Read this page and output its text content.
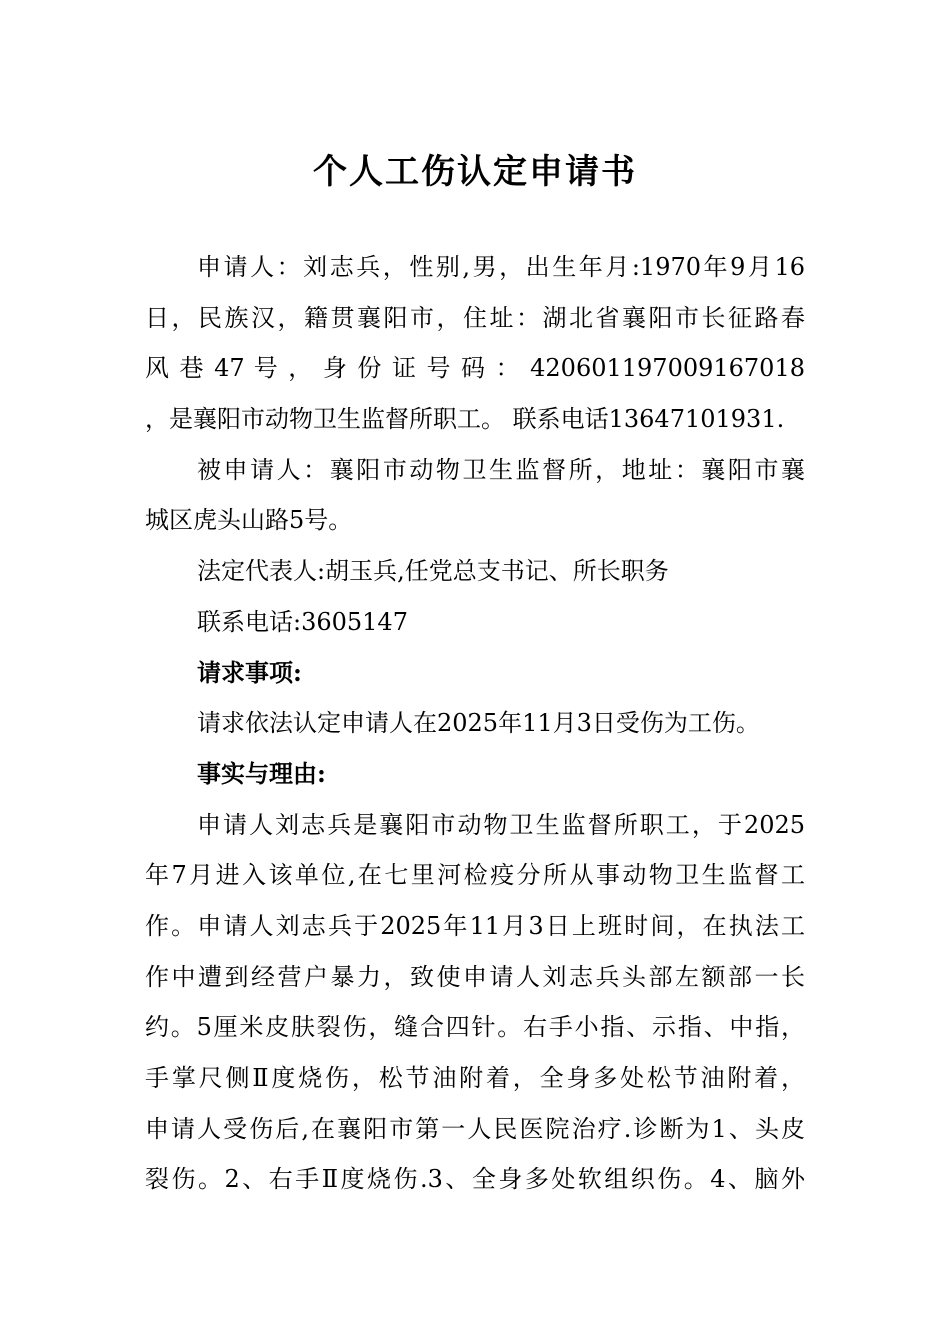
个人工伤认定申请书
申请人：刘志兵，性别,男，出生年月:1970年9月16
日，民族汉，籍贯襄阳市，住址：湖北省襄阳市长征路春
风 巷 47 号 ， 身 份 证 号 码 ： 420601197009167018
，是襄阳市动物卫生监督所职工。 联系电话13647101931.
被申请人：襄阳市动物卫生监督所，地址：襄阳市襄
城区虎头山路5号。
法定代表人:胡玉兵,任党总支书记、所长职务
联系电话:3605147
请求事项:
请求依法认定申请人在2025年11月3日受伤为工伤。
事实与理由:
申请人刘志兵是襄阳市动物卫生监督所职工，于2025
年7月进入该单位,在七里河检疫分所从事动物卫生监督工
作。申请人刘志兵于2025年11月3日上班时间，在执法工
作中遭到经营户暴力，致使申请人刘志兵头部左额部一长
约。5厘米皮肤裂伤，缝合四针。右手小指、示指、中指，
手掌尺侧Ⅱ度烧伤，松节油附着，全身多处松节油附着，
申请人受伤后,在襄阳市第一人民医院治疗.诊断为1、头皮
裂伤。2、右手Ⅱ度烧伤.3、全身多处软组织伤。4、脑外
